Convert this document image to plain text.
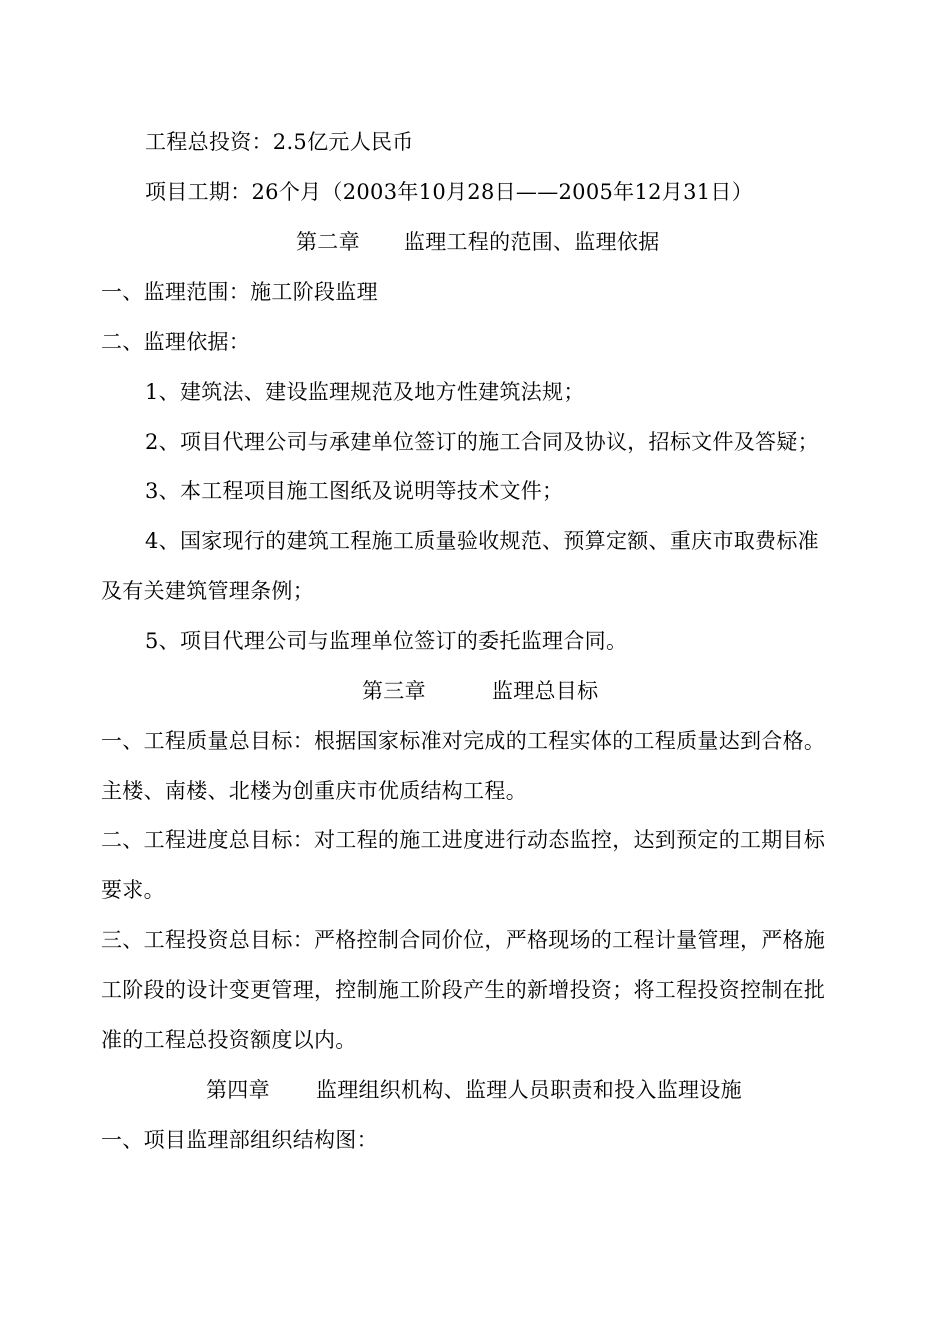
工程总投资：2.5亿元人民币
项目工期：26个月（2003年10月28日——2005年12月31日）
第二章 监理工程的范围、监理依据
一、监理范围：施工阶段监理
二、监理依据：
1、建筑法、建设监理规范及地方性建筑法规；
2、项目代理公司与承建单位签订的施工合同及协议，招标文件及答疑；
3、本工程项目施工图纸及说明等技术文件；
4、国家现行的建筑工程施工质量验收规范、预算定额、重庆市取费标准
及有关建筑管理条例；
5、项目代理公司与监理单位签订的委托监理合同。
第三章	监理总目标
一、工程质量总目标：根据国家标准对完成的工程实体的工程质量达到合格。
主楼、南楼、北楼为创重庆市优质结构工程。
二、工程进度总目标：对工程的施工进度进行动态监控，达到预定的工期目标
要求。
三、工程投资总目标：严格控制合同价位，严格现场的工程计量管理，严格施
工阶段的设计变更管理，控制施工阶段产生的新增投资；将工程投资控制在批
准的工程总投资额度以内。
第四章 监理组织机构、监理人员职责和投入监理设施
一、项目监理部组织结构图：
